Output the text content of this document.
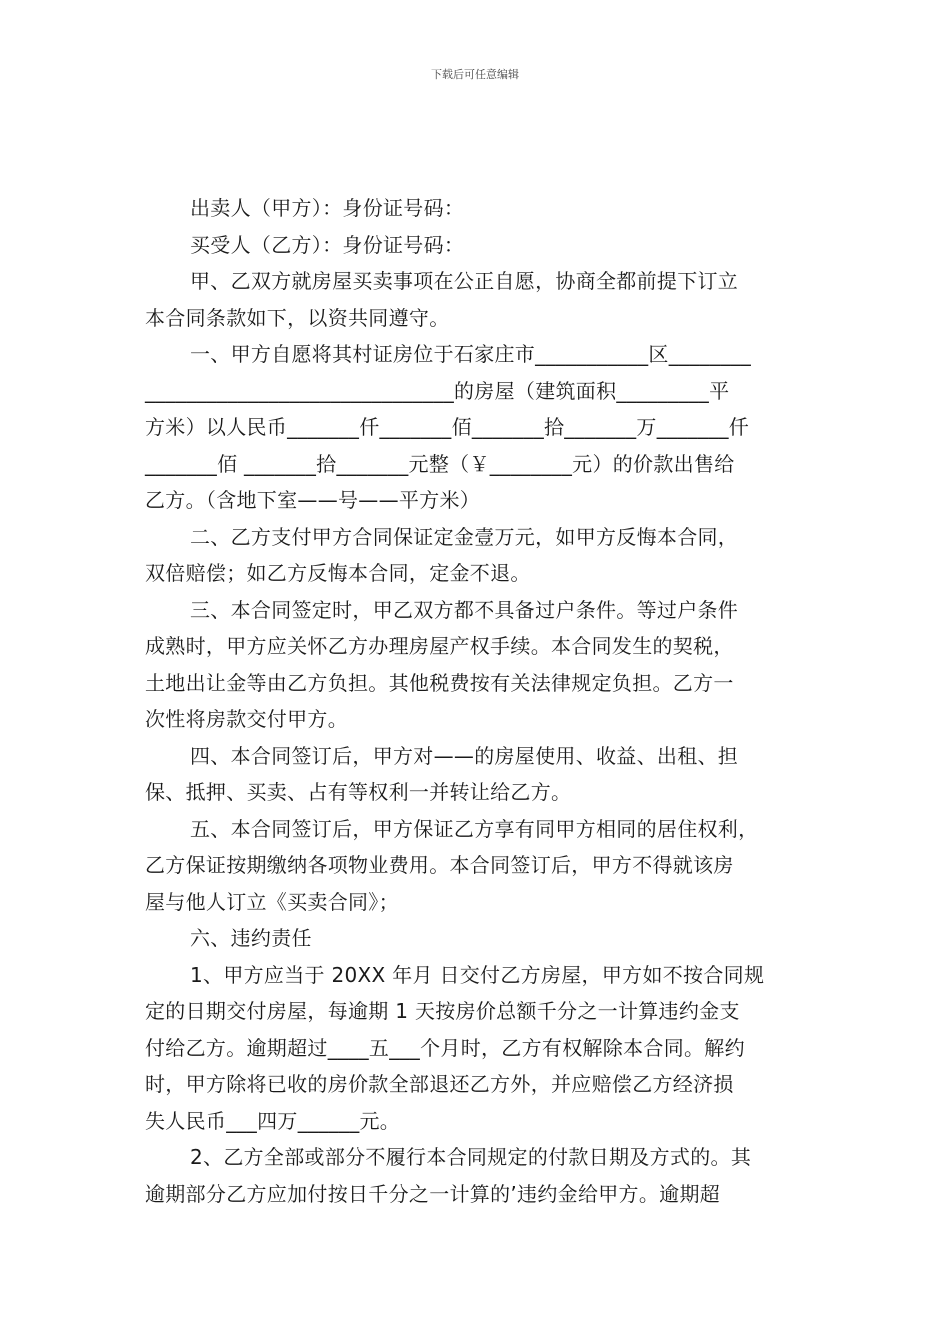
下载后可任意编辑
出卖人（甲方）：身份证号码：
买受人（乙方）：身份证号码：
甲、乙双方就房屋买卖事项在公正自愿，协商全都前提下订立
本合同条款如下，以资共同遵守。
一、甲方自愿将其村证房位于石家庄市___________区________
______________________________的房屋（建筑面积_________平
方米）以人民币_______仟_______佰_______拾_______万_______仟
_______佰 _______拾_______元整（￥________元）的价款出售给
乙方。（含地下室——号——平方米）
二、乙方支付甲方合同保证定金壹万元，如甲方反悔本合同，
双倍赔偿；如乙方反悔本合同，定金不退。
三、本合同签定时，甲乙双方都不具备过户条件。等过户条件
成熟时，甲方应关怀乙方办理房屋产权手续。本合同发生的契税，
土地出让金等由乙方负担。其他税费按有关法律规定负担。乙方一
次性将房款交付甲方。
四、本合同签订后，甲方对——的房屋使用、收益、出租、担
保、抵押、买卖、占有等权利一并转让给乙方。
五、本合同签订后，甲方保证乙方享有同甲方相同的居住权利，
乙方保证按期缴纳各项物业费用。本合同签订后，甲方不得就该房
屋与他人订立《买卖合同》；
六、违约责任
1、甲方应当于 20XX 年月 日交付乙方房屋，甲方如不按合同规
定的日期交付房屋，每逾期 1 天按房价总额千分之一计算违约金支
付给乙方。逾期超过____五___个月时，乙方有权解除本合同。解约
时，甲方除将已收的房价款全部退还乙方外，并应赔偿乙方经济损
失人民币___四万______元。
2、乙方全部或部分不履行本合同规定的付款日期及方式的。其
逾期部分乙方应加付按日千分之一计算的’违约金给甲方。逾期超
